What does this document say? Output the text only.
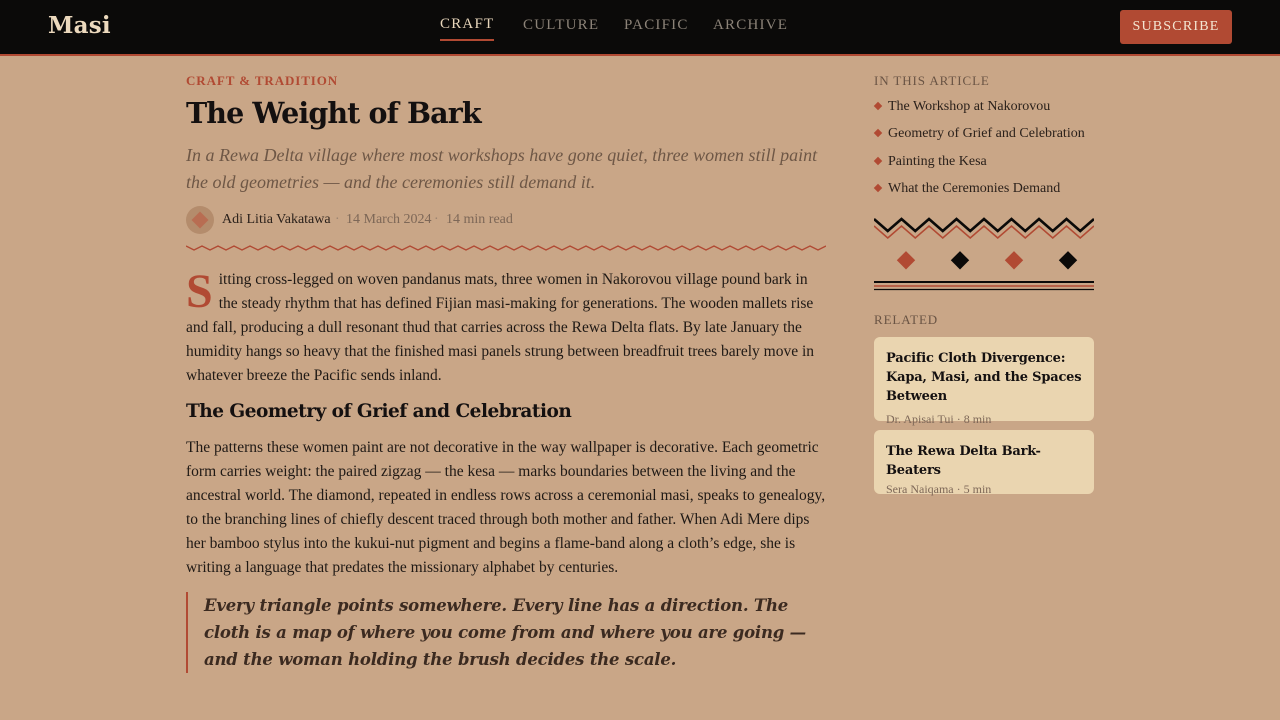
Masi	CRAFT CULTURE PACIFIC ARCHIVE	SUBSCRIBE
CRAFT & TRADITION
The Weight of Bark

In a Rewa Delta village where most workshops have gone quiet, three women still paint the old geometries — and the ceremonies still demand it.

Adi Litia Vakatawa · 14 March 2024 · 14 min read
Sitting cross-legged on woven pandanus mats, three women in Nakorovou village pound bark in the steady rhythm that has defined Fijian masi-making for generations. The wooden mallets rise and fall, producing a dull resonant thud that carries across the Rewa Delta flats. By late January the humidity hangs so heavy that the finished masi panels strung between breadfruit trees barely move in whatever breeze the Pacific sends inland.
The Geometry of Grief and Celebration

The patterns these women paint are not decorative in the way wallpaper is decorative. Each geometric form carries weight: the paired zigzag — the kesa — marks boundaries between the living and the ancestral world. The diamond, repeated in endless rows across a ceremonial masi, speaks to genealogy, to the branching lines of chiefly descent traced through both mother and father. When Adi Mere dips her bamboo stylus into the kukui-nut pigment and begins a flame-band along a cloth’s edge, she is writing a language that predates the missionary alphabet by centuries.

Every triangle points somewhere. Every line has a direction. The cloth is a map of where you come from and where you are going — and the woman holding the brush decides the scale.

IN THIS ARTICLE
The Workshop at Nakorovou
Geometry of Grief and Celebration
Painting the Kesa
What the Ceremonies Demand
RELATED
Pacific Cloth Divergence: Kapa, Masi, and the Spaces Between
Dr. Apisai Tui · 8 min
The Rewa Delta Bark-Beaters
Sera Naiqama · 5 min
